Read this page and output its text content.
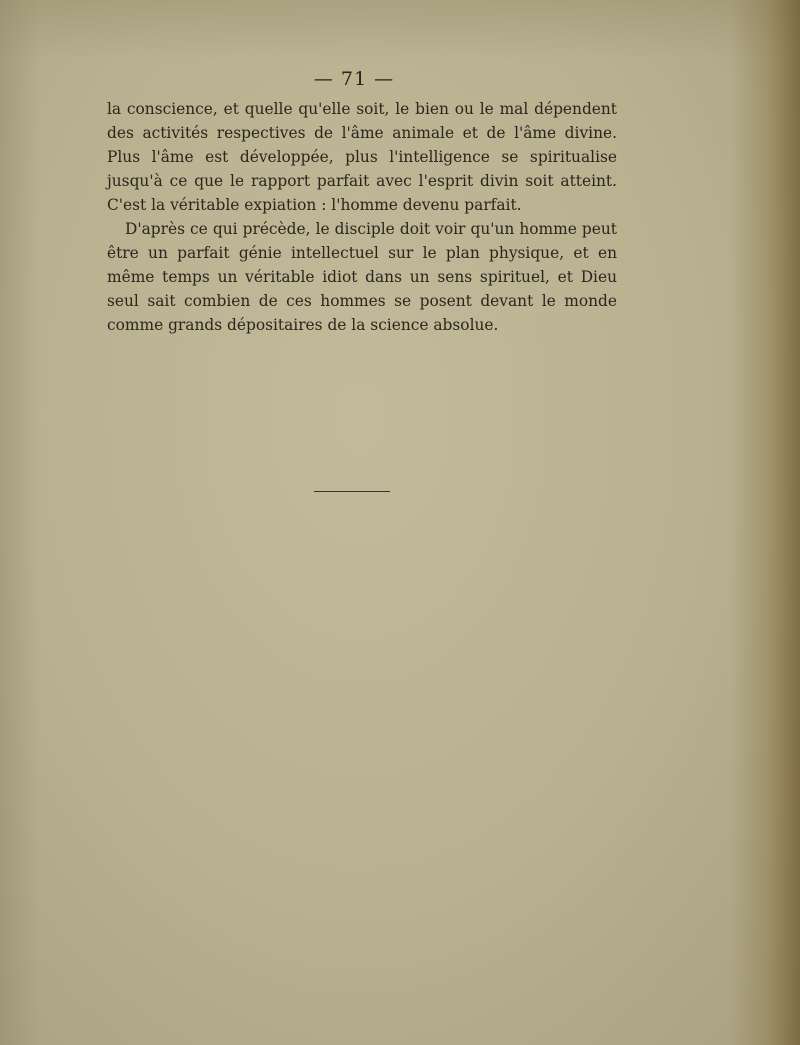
— 71 —

la conscience, et quelle qu'elle soit, le bien ou le mal dépendent des activités respectives de l'âme animale et de l'âme divine. Plus l'âme est développée, plus l'intelligence se spiritualise jusqu'à ce que le rapport parfait avec l'esprit divin soit atteint. C'est la véritable expiation : l'homme devenu parfait.

D'après ce qui précède, le disciple doit voir qu'un homme peut être un parfait génie intellectuel sur le plan physique, et en même temps un véritable idiot dans un sens spirituel, et Dieu seul sait combien de ces hommes se posent devant le monde comme grands dépositaires de la science absolue.
